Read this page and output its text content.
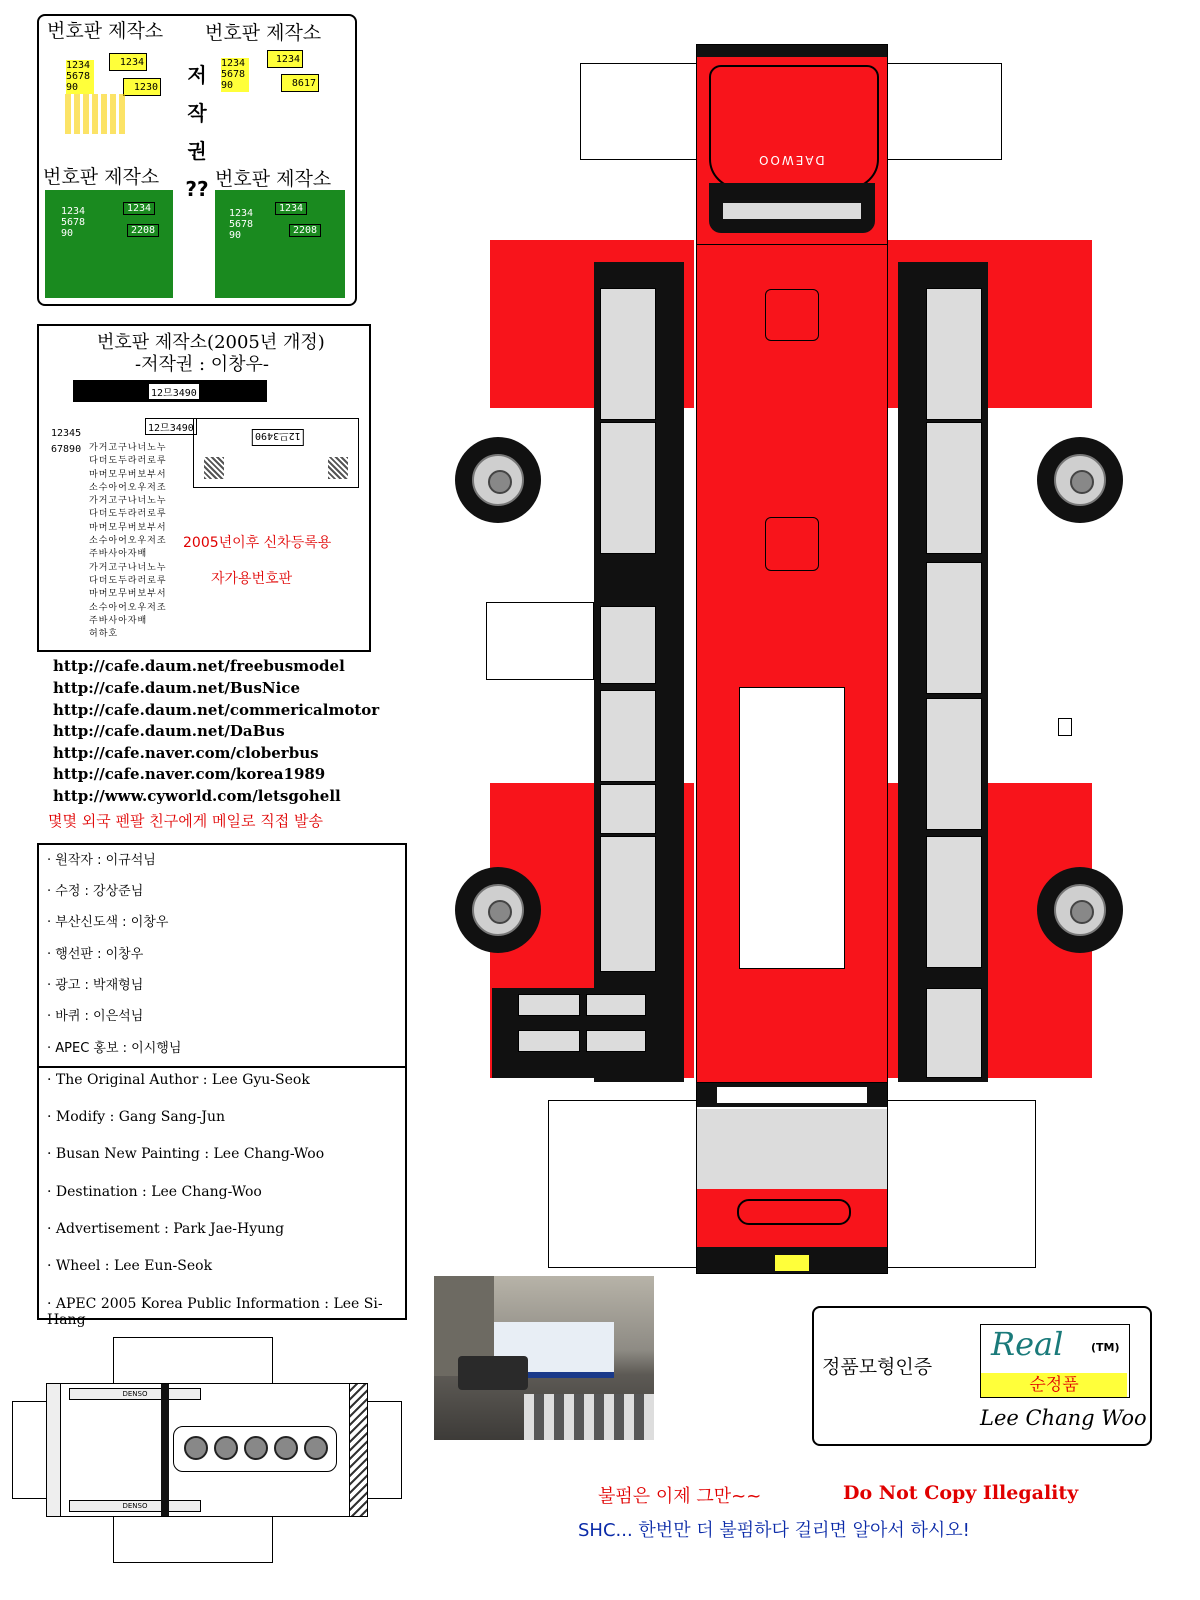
번호판 제작소 번호판 제작소
1234 5678 90
1234
1230
저
작
권
??
1234 5678 90
1234
8617
번호판 제작소	번호판 제작소
1234 5678 90
1234
2208
1234 5678 90
1234
2208
번호판 제작소(2005년 개정)
-저작권 : 이창우-
12므3490
12므3490
12므3490
12345
67890 가거고구나너노누
다더도두라러로루
마머모무버보부서
소수아어오우저조
가거고구나너노누
다더도두라러로루
마머모무버보부서
소수아어오우저조
주바사아자배
가거고구나너노누
다더도두라러로루
마머모무버보부서
소수아어오우저조
주바사아자배
허하호
2005년이후 신차등록용
자가용번호판
http://cafe.daum.net/freebusmodel
http://cafe.daum.net/BusNice
http://cafe.daum.net/commericalmotor
http://cafe.daum.net/DaBus
http://cafe.naver.com/cloberbus
http://cafe.naver.com/korea1989
http://www.cyworld.com/letsgohell
몇몇 외국 펜팔 친구에게 메일로 직접 발송
· 원작자 : 이규석님
· 수정 : 강상준님
· 부산신도색 : 이창우
· 행선판 : 이창우
· 광고 : 박재형님
· 바퀴 : 이은석님
· APEC 홍보 : 이시행님
· The Original Author : Lee Gyu-Seok
· Modify : Gang Sang-Jun
· Busan New Painting : Lee Chang-Woo
· Destination : Lee Chang-Woo
· Advertisement : Park Jae-Hyung
· Wheel : Lee Eun-Seok
· APEC 2005 Korea Public Information : Lee Si-Hang
DENSO
DENSO
정품모형인증
Real	(TM)
순정품
Lee Chang Woo
불펌은 이제 그만~~	Do Not Copy Illegality
SHC... 한번만 더 불펌하다 걸리면 알아서 하시오!
DAEWOO
